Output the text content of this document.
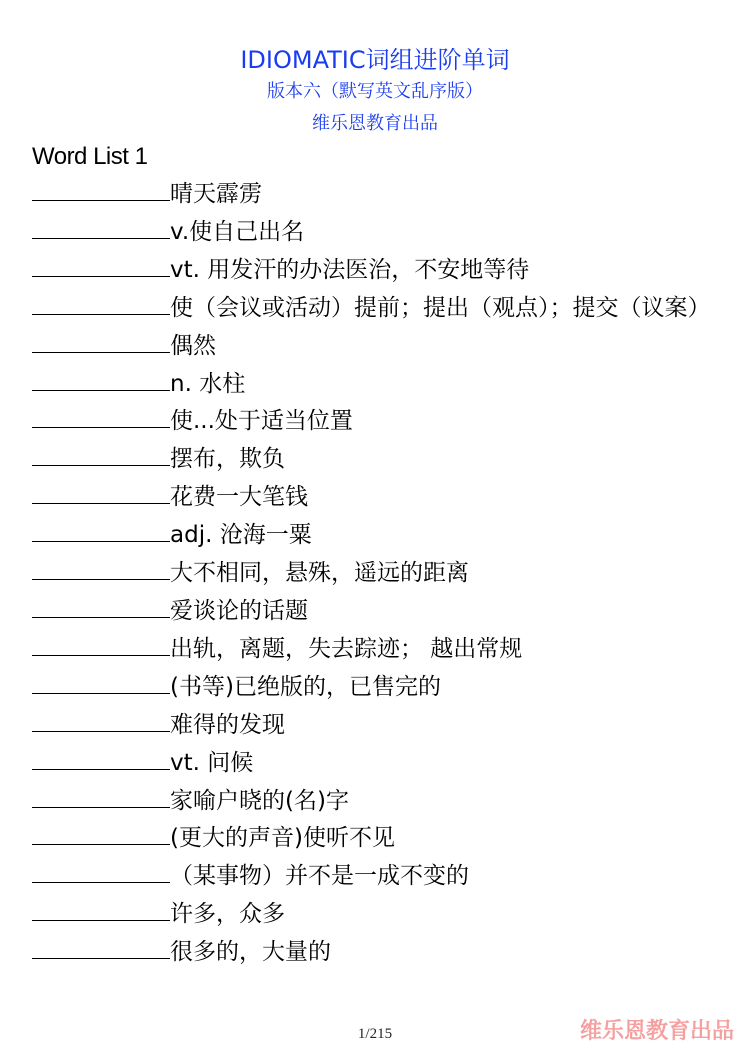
IDIOMATIC词组进阶单词
版本六（默写英文乱序版）
维乐恩教育出品
Word List 1
晴天霹雳
v.使自己出名
vt. 用发汗的办法医治，不安地等待
使（会议或活动）提前；提出（观点）；提交（议案）
偶然
n. 水柱
使...处于适当位置
摆布，欺负
花费一大笔钱
adj. 沧海一粟
大不相同，悬殊，遥远的距离
爱谈论的话题
出轨，离题，失去踪迹； 越出常规
(书等)已绝版的，已售完的
难得的发现
vt. 问候
家喻户晓的(名)字
(更大的声音)使听不见
（某事物）并不是一成不变的
许多，众多
很多的，大量的
1/215	维乐恩教育出品
